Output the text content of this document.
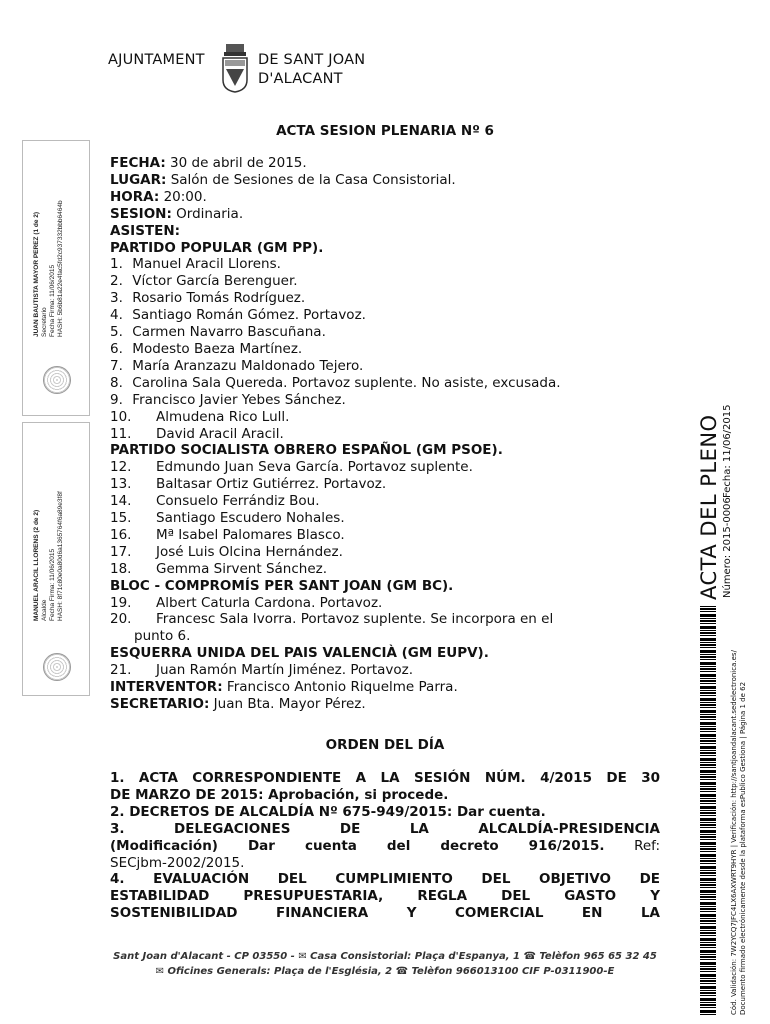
AJUNTAMENT	DE SANT JOAN
D'ALACANT
ACTA SESION PLENARIA Nº 6

FECHA: 30 de abril de 2015.

LUGAR: Salón de Sesiones de la Casa Consistorial.

HORA: 20:00.

SESION: Ordinaria.

ASISTEN:

PARTIDO POPULAR (GM PP).

1. Manuel Aracil Llorens.

2. Víctor García Berenguer.

3. Rosario Tomás Rodríguez.

4. Santiago Román Gómez. Portavoz.

5. Carmen Navarro Bascuñana.

6. Modesto Baeza Martínez.

7. María Aranzazu Maldonado Tejero.

8. Carolina Sala Quereda. Portavoz suplente. No asiste, excusada.

9. Francisco Javier Yebes Sánchez.

10. Almudena Rico Lull.

11. David Aracil Aracil.

PARTIDO SOCIALISTA OBRERO ESPAÑOL (GM PSOE).

12. Edmundo Juan Seva García. Portavoz suplente.

13. Baltasar Ortiz Gutiérrez. Portavoz.

14. Consuelo Ferrándiz Bou.

15. Santiago Escudero Nohales.

16. Mª Isabel Palomares Blasco.

17. José Luis Olcina Hernández.

18. Gemma Sirvent Sánchez.

BLOC - COMPROMÍS PER SANT JOAN (GM BC).

19. Albert Caturla Cardona. Portavoz.

20. Francesc Sala Ivorra. Portavoz suplente. Se incorpora en el

punto 6.

ESQUERRA UNIDA DEL PAIS VALENCIÀ (GM EUPV).

21. Juan Ramón Martín Jiménez. Portavoz.

INTERVENTOR: Francisco Antonio Riquelme Parra.

SECRETARIO: Juan Bta. Mayor Pérez.

ORDEN DEL DÍA

1. ACTA CORRESPONDIENTE A LA SESIÓN NÚM. 4/2015 DE 30

DE MARZO DE 2015: Aprobación, si procede.

2. DECRETOS DE ALCALDÍA Nº 675-949/2015: Dar cuenta.

3. DELEGACIONES DE LA ALCALDÍA-PRESIDENCIA

(Modificación) Dar cuenta del decreto 916/2015. Ref:

SECjbm-2002/2015.

4. EVALUACIÓN DEL CUMPLIMIENTO DEL OBJETIVO DE

ESTABILIDAD PRESUPUESTARIA, REGLA DEL GASTO Y

SOSTENIBILIDAD FINANCIERA Y COMERCIAL EN LA

Sant Joan d'Alacant - CP 03550 - ✉ Casa Consistorial: Plaça d'Espanya, 1 ☎ Telèfon 965 65 32 45
✉ Oficines Generals: Plaça de l'Església, 2 ☎ Telèfon 966013100 CIF P-0311900-E
JUAN BAUTISTA MAYOR PEREZ (1 de 2) Secretario Fecha Firma: 11/06/2015 HASH: 5b6b81a22e4fac5fd2c937332bbb6464b
MANUEL ARACIL LLORENS (2 de 2) Alcalde Fecha Firma: 11/06/2015 HASH: 8f71c80e0a80d6a1365764f6a89e3f8f	ACTA DEL PLENO Número: 2015-0006
Fecha: 11/06/2015
Cód. Validación: 7W2YCQ7JFC4LX6AXWRT9HYR | Verificación: http://santjoandalacant.sedelectronica.es/ Documento firmado electrónicamente desde la plataforma esPublico Gestiona | Página 1 de 62
